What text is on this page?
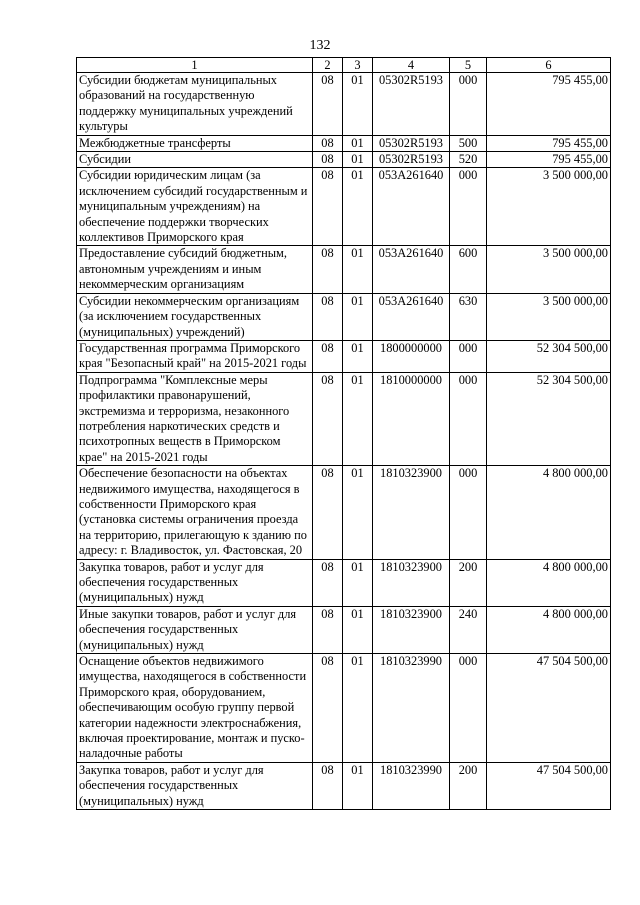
132
1	2	3	4	5	6
Субсидии бюджетам муниципальных образований на государственную поддержку муниципальных учреждений культуры	08	01	05302R5193	000	795 455,00
Межбюджетные трансферты	08	01	05302R5193	500	795 455,00
Субсидии	08	01	05302R5193	520	795 455,00
Субсидии юридическим лицам (за исключением субсидий государственным и муниципальным учреждениям) на обеспечение поддержки творческих коллективов Приморского края	08	01	053A261640	000	3 500 000,00
Предоставление субсидий бюджетным, автономным учреждениям и иным некоммерческим организациям	08	01	053A261640	600	3 500 000,00
Субсидии некоммерческим организациям (за исключением государственных (муниципальных) учреждений)	08	01	053A261640	630	3 500 000,00
Государственная программа Приморского края "Безопасный край" на 2015-2021 годы	08	01	1800000000	000	52 304 500,00
Подпрограмма "Комплексные меры профилактики правонарушений, экстремизма и терроризма, незаконного потребления наркотических средств и психотропных веществ в Приморском крае" на 2015-2021 годы	08	01	1810000000	000	52 304 500,00
Обеспечение безопасности на объектах недвижимого имущества, находящегося в собственности Приморского края (установка системы ограничения проезда на территорию, прилегающую к зданию по адресу: г. Владивосток, ул. Фастовская, 20	08	01	1810323900	000	4 800 000,00
Закупка товаров, работ и услуг для обеспечения государственных (муниципальных) нужд	08	01	1810323900	200	4 800 000,00
Иные закупки товаров, работ и услуг для обеспечения государственных (муниципальных) нужд	08	01	1810323900	240	4 800 000,00
Оснащение объектов недвижимого имущества, находящегося в собственности Приморского края, оборудованием, обеспечивающим особую группу первой категории надежности электроснабжения, включая проектирование, монтаж и пуско-наладочные работы	08	01	1810323990	000	47 504 500,00
Закупка товаров, работ и услуг для обеспечения государственных (муниципальных) нужд	08	01	1810323990	200	47 504 500,00
